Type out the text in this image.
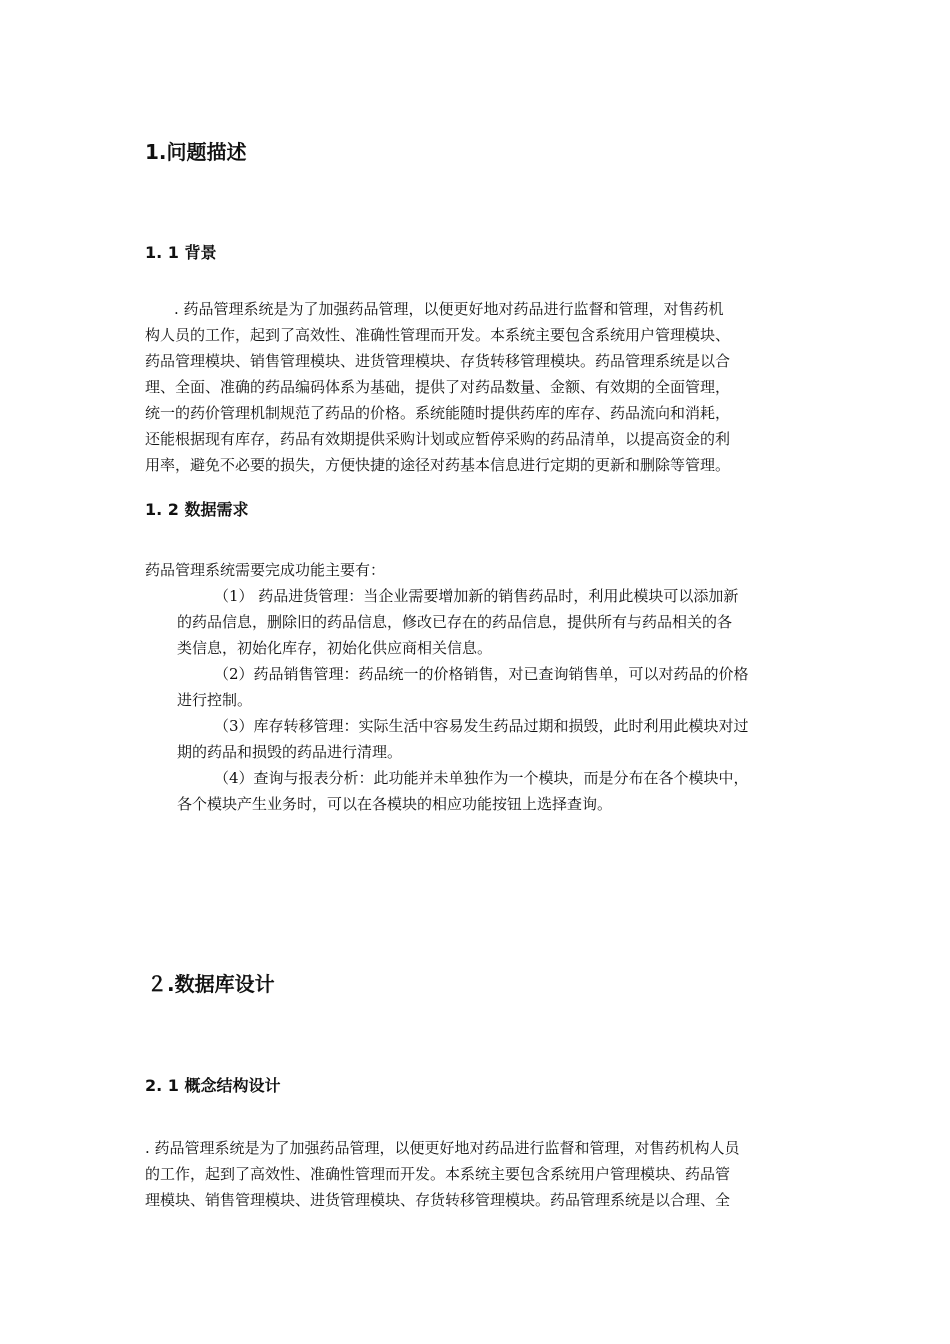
1.问题描述
1. 1 背景
. 药品管理系统是为了加强药品管理，以便更好地对药品进行监督和管理，对售药机
构人员的工作，起到了高效性、准确性管理而开发。本系统主要包含系统用户管理模块、
药品管理模块、销售管理模块、进货管理模块、存货转移管理模块。药品管理系统是以合
理、全面、准确的药品编码体系为基础，提供了对药品数量、金额、有效期的全面管理，
统一的药价管理机制规范了药品的价格。系统能随时提供药库的库存、药品流向和消耗，
还能根据现有库存，药品有效期提供采购计划或应暂停采购的药品清单，以提高资金的利
用率，避免不必要的损失，方便快捷的途径对药基本信息进行定期的更新和删除等管理。
1. 2 数据需求
药品管理系统需要完成功能主要有：
（1） 药品进货管理：当企业需要增加新的销售药品时，利用此模块可以添加新
的药品信息，删除旧的药品信息，修改已存在的药品信息，提供所有与药品相关的各
类信息，初始化库存，初始化供应商相关信息。
（2）药品销售管理：药品统一的价格销售，对已查询销售单，可以对药品的价格
进行控制。
（3）库存转移管理：实际生活中容易发生药品过期和损毁，此时利用此模块对过
期的药品和损毁的药品进行清理。
（4）查询与报表分析：此功能并未单独作为一个模块，而是分布在各个模块中，
各个模块产生业务时，可以在各模块的相应功能按钮上选择查询。
２.数据库设计
2. 1 概念结构设计
. 药品管理系统是为了加强药品管理，以便更好地对药品进行监督和管理，对售药机构人员
的工作，起到了高效性、准确性管理而开发。本系统主要包含系统用户管理模块、药品管
理模块、销售管理模块、进货管理模块、存货转移管理模块。药品管理系统是以合理、全
